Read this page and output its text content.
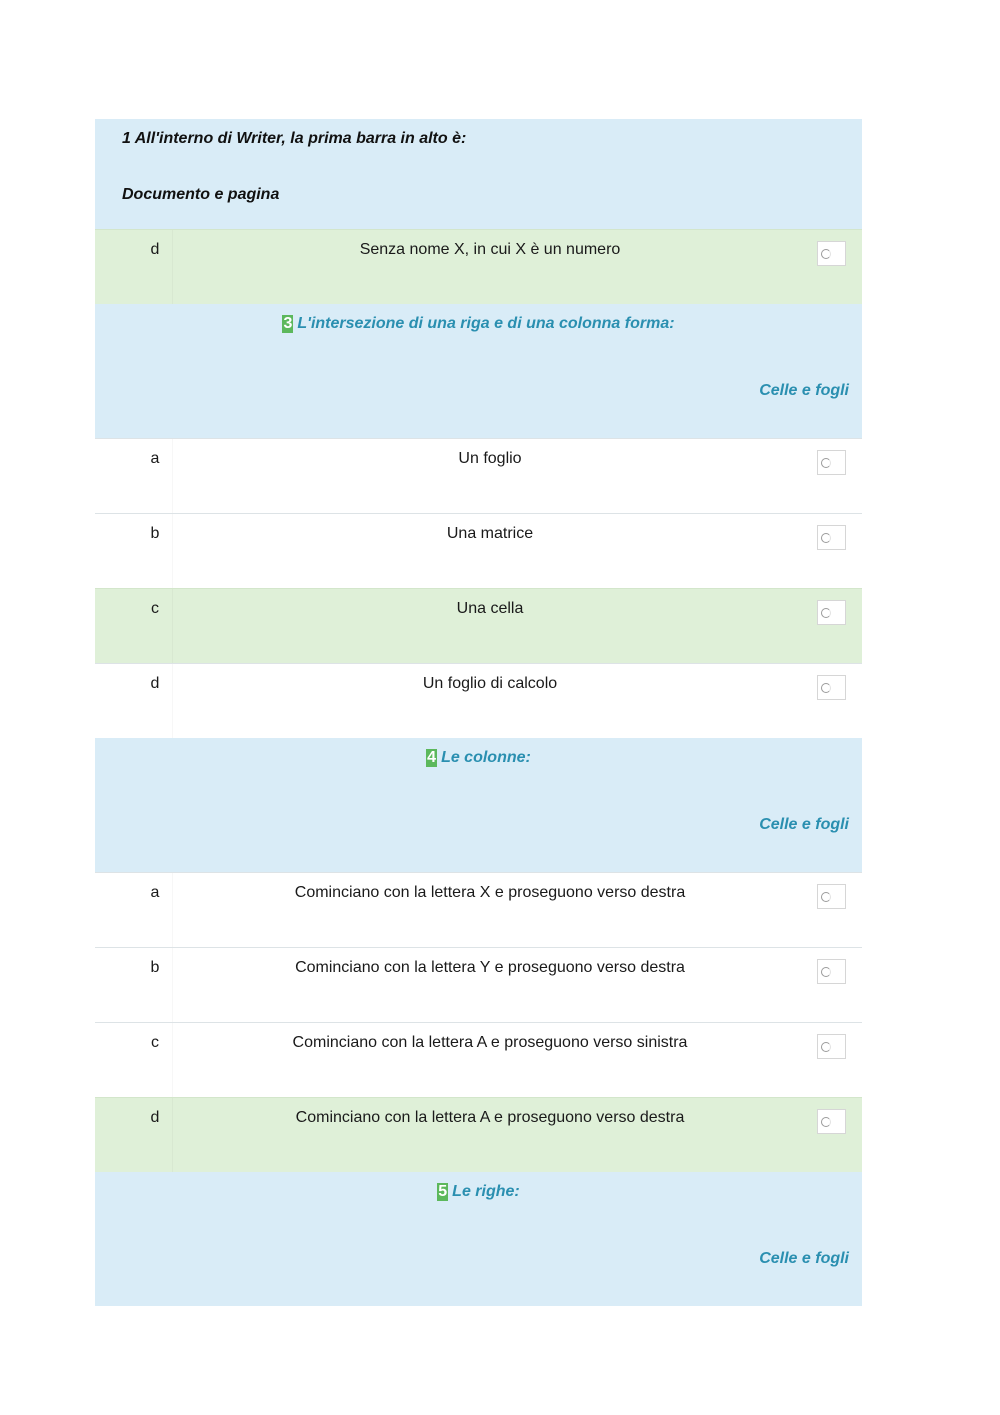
1 All'interno di Writer, la prima barra in alto è:
Documento e pagina
d	Senza nome X, in cui X è un numero
3 L'intersezione di una riga e di una colonna forma:
Celle e fogli
a	Un foglio
b	Una matrice
c	Una cella
d	Un foglio di calcolo
4 Le colonne:
Celle e fogli
a	Cominciano con la lettera X e proseguono verso destra
b	Cominciano con la lettera Y e proseguono verso destra
c	Cominciano con la lettera A e proseguono verso sinistra
d	Cominciano con la lettera A e proseguono verso destra
5 Le righe:
Celle e fogli
